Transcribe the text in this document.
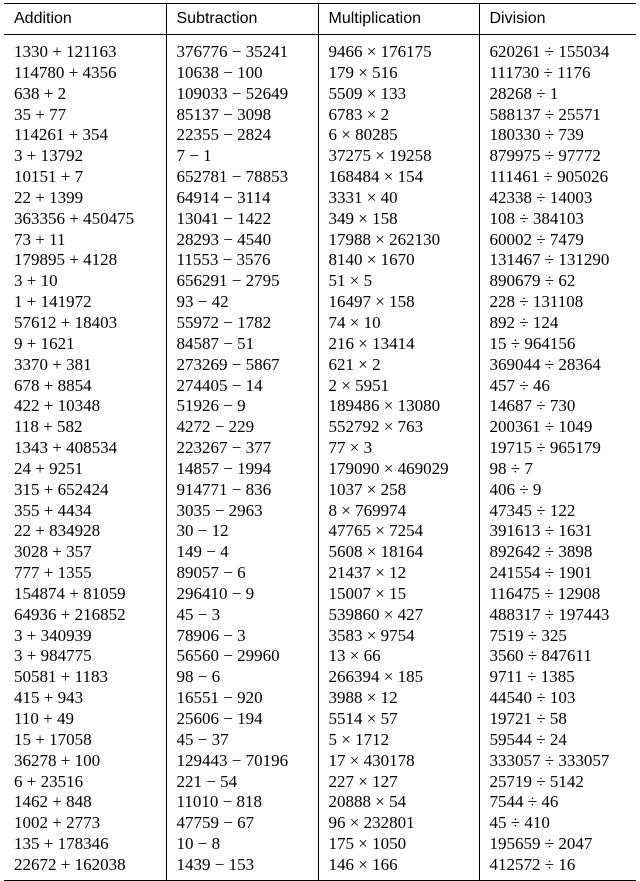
Addition	Subtraction	Multiplication	Division
1330 + 121163	376776 − 35241	9466 × 176175	620261 ÷ 155034
114780 + 4356	10638 − 100	179 × 516	111730 ÷ 1176
638 + 2	109033 − 52649	5509 × 133	28268 ÷ 1
35 + 77	85137 − 3098	6783 × 2	588137 ÷ 25571
114261 + 354	22355 − 2824	6 × 80285	180330 ÷ 739
3 + 13792	7 − 1	37275 × 19258	879975 ÷ 97772
10151 + 7	652781 − 78853	168484 × 154	111461 ÷ 905026
22 + 1399	64914 − 3114	3331 × 40	42338 ÷ 14003
363356 + 450475	13041 − 1422	349 × 158	108 ÷ 384103
73 + 11	28293 − 4540	17988 × 262130	60002 ÷ 7479
179895 + 4128	11553 − 3576	8140 × 1670	131467 ÷ 131290
3 + 10	656291 − 2795	51 × 5	890679 ÷ 62
1 + 141972	93 − 42	16497 × 158	228 ÷ 131108
57612 + 18403	55972 − 1782	74 × 10	892 ÷ 124
9 + 1621	84587 − 51	216 × 13414	15 ÷ 964156
3370 + 381	273269 − 5867	621 × 2	369044 ÷ 28364
678 + 8854	274405 − 14	2 × 5951	457 ÷ 46
422 + 10348	51926 − 9	189486 × 13080	14687 ÷ 730
118 + 582	4272 − 229	552792 × 763	200361 ÷ 1049
1343 + 408534	223267 − 377	77 × 3	19715 ÷ 965179
24 + 9251	14857 − 1994	179090 × 469029	98 ÷ 7
315 + 652424	914771 − 836	1037 × 258	406 ÷ 9
355 + 4434	3035 − 2963	8 × 769974	47345 ÷ 122
22 + 834928	30 − 12	47765 × 7254	391613 ÷ 1631
3028 + 357	149 − 4	5608 × 18164	892642 ÷ 3898
777 + 1355	89057 − 6	21437 × 12	241554 ÷ 1901
154874 + 81059	296410 − 9	15007 × 15	116475 ÷ 12908
64936 + 216852	45 − 3	539860 × 427	488317 ÷ 197443
3 + 340939	78906 − 3	3583 × 9754	7519 ÷ 325
3 + 984775	56560 − 29960	13 × 66	3560 ÷ 847611
50581 + 1183	98 − 6	266394 × 185	9711 ÷ 1385
415 + 943	16551 − 920	3988 × 12	44540 ÷ 103
110 + 49	25606 − 194	5514 × 57	19721 ÷ 58
15 + 17058	45 − 37	5 × 1712	59544 ÷ 24
36278 + 100	129443 − 70196	17 × 430178	333057 ÷ 333057
6 + 23516	221 − 54	227 × 127	25719 ÷ 5142
1462 + 848	11010 − 818	20888 × 54	7544 ÷ 46
1002 + 2773	47759 − 67	96 × 232801	45 ÷ 410
135 + 178346	10 − 8	175 × 1050	195659 ÷ 2047
22672 + 162038	1439 − 153	146 × 166	412572 ÷ 16
